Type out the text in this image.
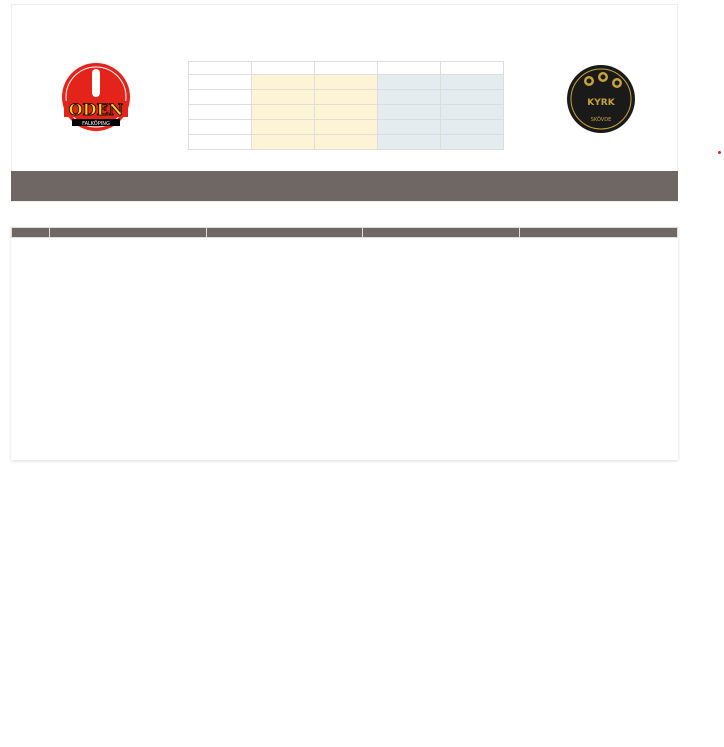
ODEN
FALKÖPING
KYRK
SKÖVDE
